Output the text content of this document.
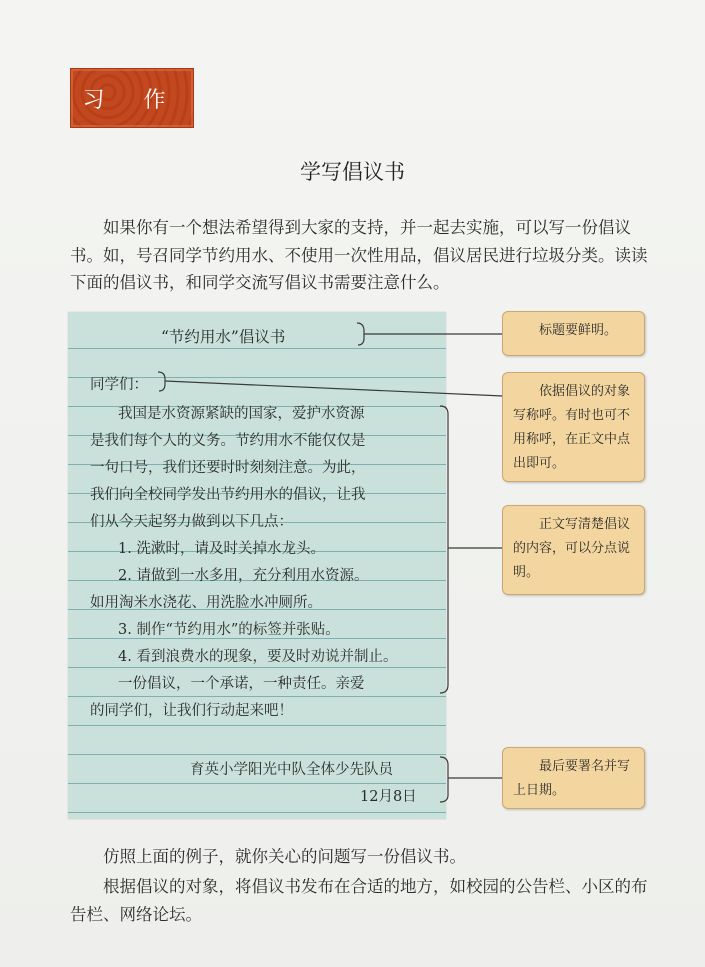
习 作
学写倡议书

如果你有一个想法希望得到大家的支持，并一起去实施，可以写一份倡议书。如，号召同学节约用水、不使用一次性用品，倡议居民进行垃圾分类。读读下面的倡议书，和同学交流写倡议书需要注意什么。

“节约用水”倡议书
同学们：
我国是水资源紧缺的国家，爱护水资源
是我们每个人的义务。节约用水不能仅仅是
一句口号，我们还要时时刻刻注意。为此，
我们向全校同学发出节约用水的倡议，让我
们从今天起努力做到以下几点：
1. 洗漱时，请及时关掉水龙头。
2. 请做到一水多用，充分利用水资源。
如用淘米水浇花、用洗脸水冲厕所。
3. 制作“节约用水”的标签并张贴。
4. 看到浪费水的现象，要及时劝说并制止。
一份倡议，一个承诺，一种责任。亲爱
的同学们，让我们行动起来吧！
育英小学阳光中队全体少先队员
12月8日
标题要鲜明。
依据倡议的对象写称呼。有时也可不用称呼，在正文中点出即可。
正文写清楚倡议的内容，可以分点说明。
最后要署名并写上日期。

仿照上面的例子，就你关心的问题写一份倡议书。

根据倡议的对象，将倡议书发布在合适的地方，如校园的公告栏、小区的布告栏、网络论坛。
